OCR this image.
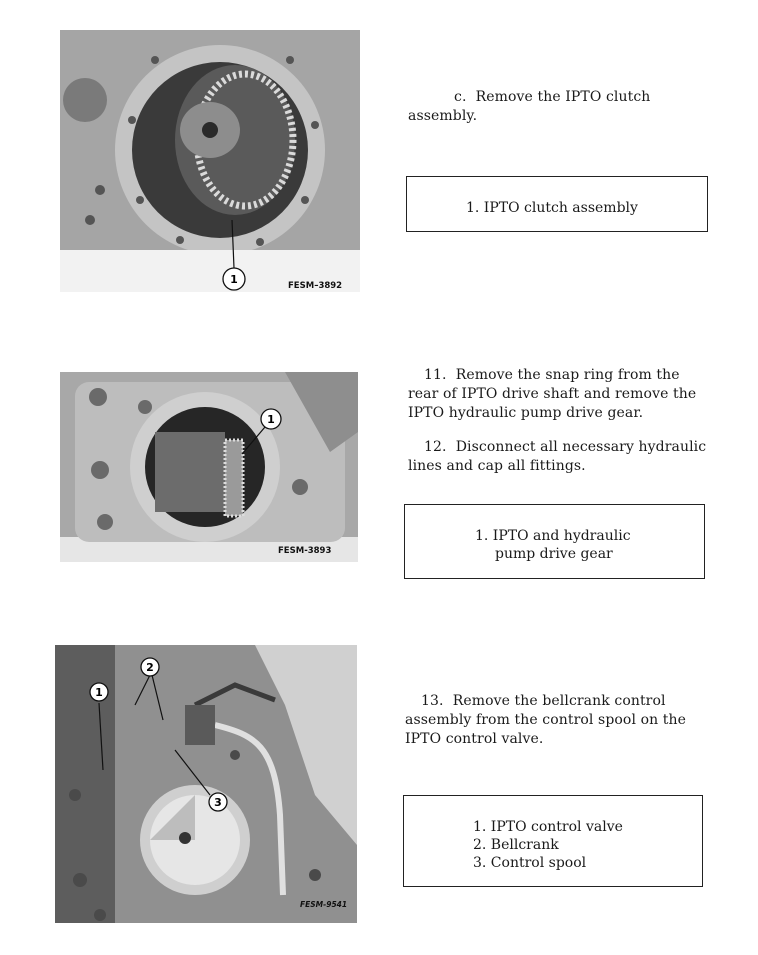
1	FESM–3892

c. Remove the IPTO clutch assembly.

1. IPTO clutch assembly
1
FESM-3893

11. Remove the snap ring from the rear of IPTO drive shaft and remove the IPTO hydraulic pump drive gear.

12. Disconnect all necessary hydraulic lines and cap all fittings.

1. IPTO and hydraulic
pump drive gear
1
2
3
FESM-9541

13. Remove the bellcrank control assembly from the control spool on the IPTO control valve.

1. IPTO control valve
2. Bellcrank
3. Control spool
